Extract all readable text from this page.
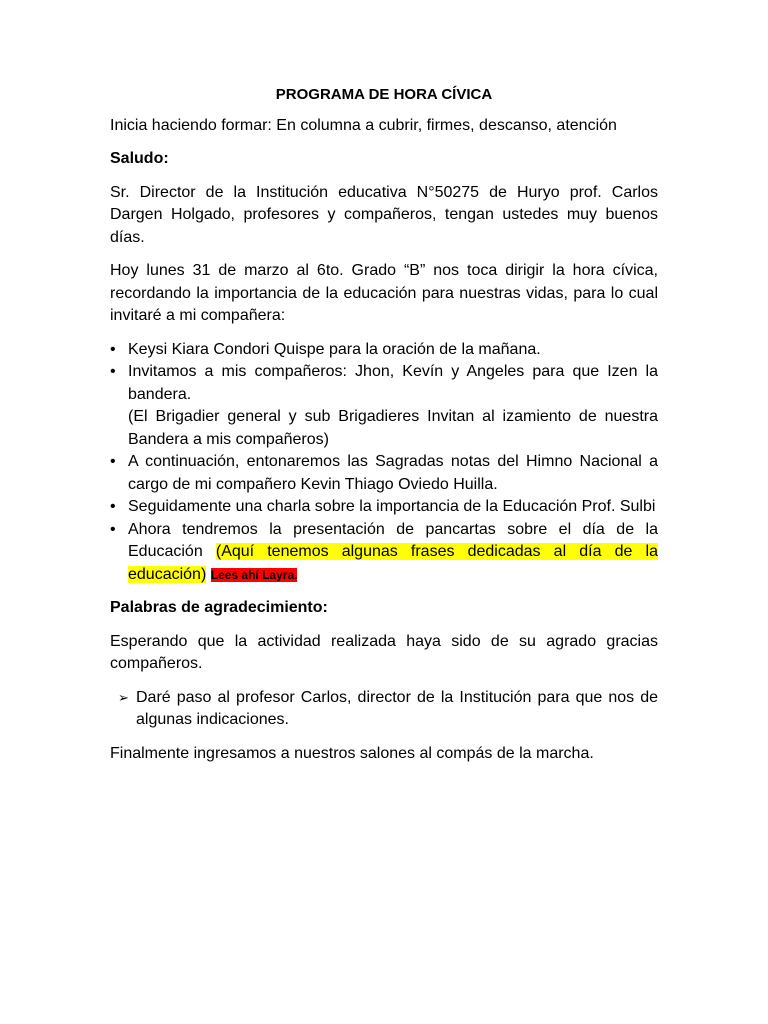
PROGRAMA DE HORA CÍVICA

Inicia haciendo formar: En columna a cubrir, firmes, descanso, atención

Saludo:

Sr. Director de la Institución educativa N°50275 de Huryo prof. Carlos Dargen Holgado, profesores y compañeros, tengan ustedes muy buenos días.

Hoy lunes 31 de marzo al 6to. Grado “B” nos toca dirigir la hora cívica, recordando la importancia de la educación para nuestras vidas, para lo cual invitaré a mi compañera:

• Keysi Kiara Condori Quispe para la oración de la mañana.
• Invitamos a mis compañeros: Jhon, Kevín y Angeles para que Izen la bandera.
(El Brigadier general y sub Brigadieres Invitan al izamiento de nuestra Bandera a mis compañeros)
• A continuación, entonaremos las Sagradas notas del Himno Nacional a cargo de mi compañero Kevin Thiago Oviedo Huilla.
• Seguidamente una charla sobre la importancia de la Educación Prof. Sulbi
• Ahora tendremos la presentación de pancartas sobre el día de la Educación (Aquí tenemos algunas frases dedicadas al día de la educación) Lees ahí Layra.

Palabras de agradecimiento:

Esperando que la actividad realizada haya sido de su agrado gracias compañeros.

➢ Daré paso al profesor Carlos, director de la Institución para que nos de algunas indicaciones.

Finalmente ingresamos a nuestros salones al compás de la marcha.
